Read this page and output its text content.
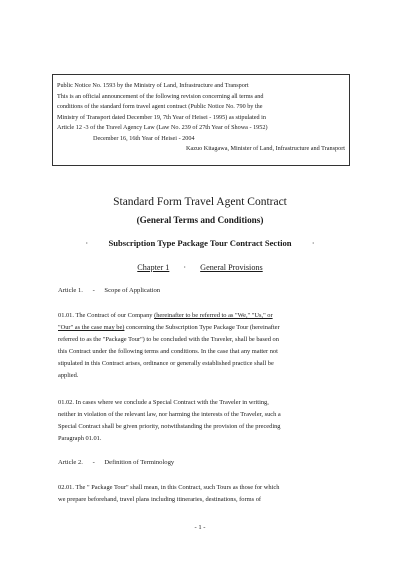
Public Notice No. 1593 by the Ministry of Land, Infrastructure and Transport
This is an official announcement of the following revision concerning all terms and
conditions of the standard form travel agent contract (Public Notice No. 790 by the
Ministry of Transport dated December 19, 7th Year of Heisei - 1995) as stipulated in
Article 12 -3 of the Travel Agency Law (Law No. 239 of 27th Year of Showa - 1952)
December 16, 16th Year of Heisei - 2004
Kazuo Kitagawa, Minister of Land, Infrastructure and Transport
Standard Form Travel Agent Contract
(General Terms and Conditions)
· Subscription Type Package Tour Contract Section ·
Chapter 1 · General Provisions
Article 1. - Scope of Application
01.01. The Contract of our Company (hereinafter to be referred to as "We," "Us," or
"Our" as the case may be) concerning the Subscription Type Package Tour (hereinafter
referred to as the "Package Tour") to be concluded with the Traveler, shall be based on
this Contract under the following terms and conditions. In the case that any matter not
stipulated in this Contract arises, ordinance or generally established practice shall be
applied.
01.02. In cases where we conclude a Special Contract with the Traveler in writing,
neither in violation of the relevant law, nor harming the interests of the Traveler, such a
Special Contract shall be given priority, notwithstanding the provision of the preceding
Paragraph 01.01.
Article 2. - Definition of Terminology
02.01. The " Package Tour" shall mean, in this Contract, such Tours as those for which
we prepare beforehand, travel plans including itineraries, destinations, forms of
- 1 -
